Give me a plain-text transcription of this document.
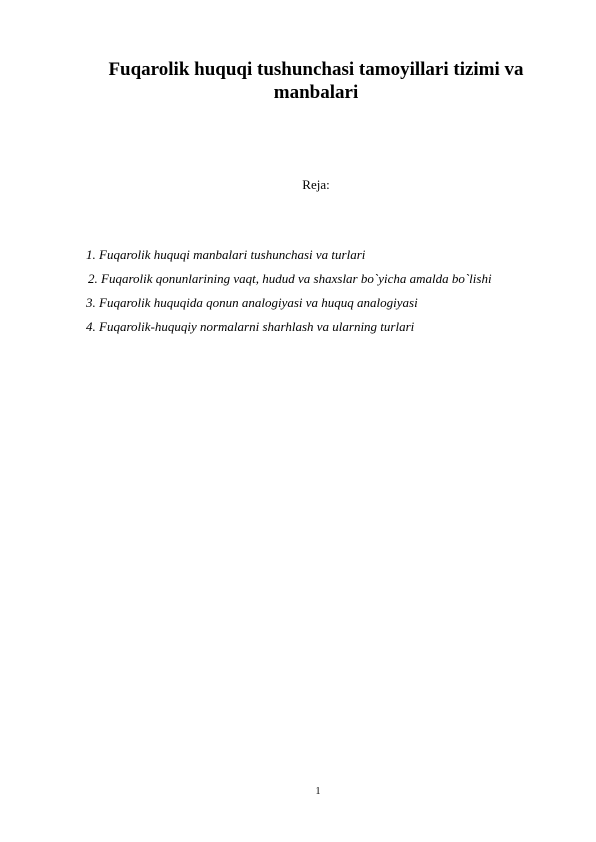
Fuqarolik huquqi tushunchasi tamoyillari tizimi va
manbalari

Reja:

1. Fuqarolik huquqi manbalari tushunchasi va turlari
2. Fuqarolik qonunlarining vaqt, hudud va shaxslar bo`yicha amalda bo`lishi
3. Fuqarolik huquqida qonun analogiyasi va huquq analogiyasi
4. Fuqarolik-huquqiy normalarni sharhlash va ularning turlari

1
